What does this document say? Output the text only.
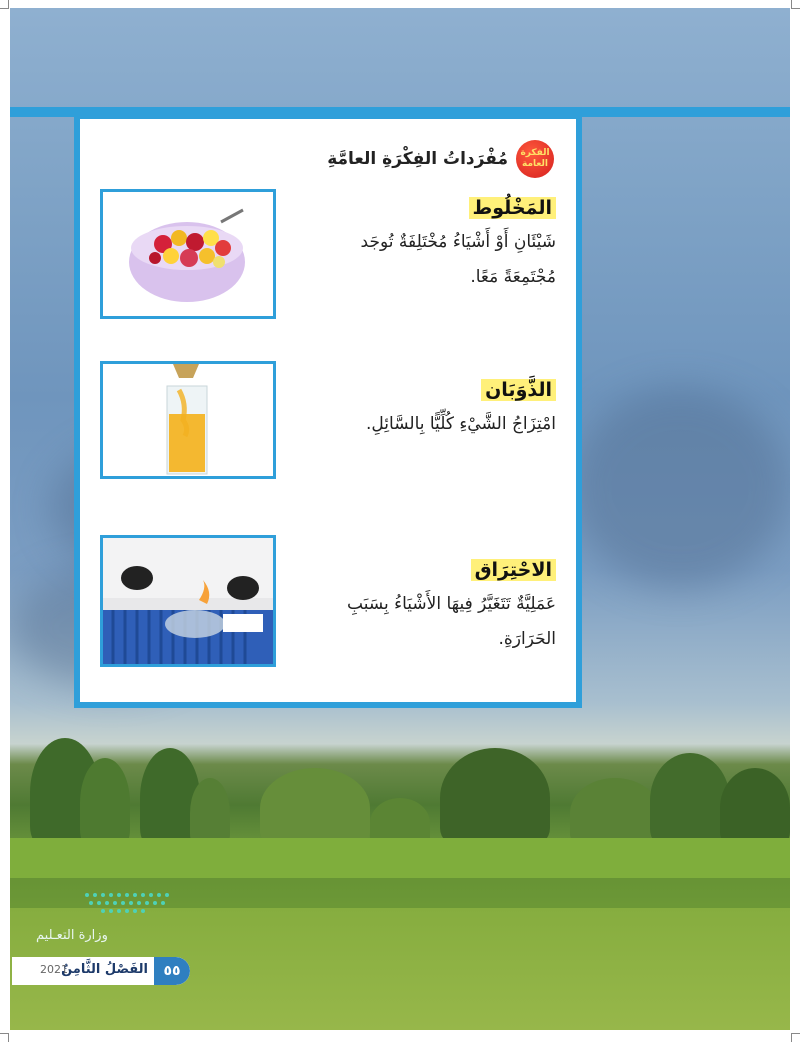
الفكرة
العامة
مُفْرَداتُ الفِكْرَةِ العامَّةِ
المَخْلُوط
شَيْئَانِ أَوْ أَشْيَاءُ مُخْتَلِفَةٌ تُوجَد مُجْتَمِعَةً مَعًا.
الذَّوَبَان
امْتِزَاجُ الشَّيْءِ كُلِّيًّا بِالسَّائِلِ.
الاحْتِرَاق
عَمَلِيَّةٌ تَتَغَيَّرُ فِيهَا الأَشْيَاءُ بِسَبَبِ الحَرَارَةِ.
وزارة التعـليم
2021
الفَصْلُ الثَّامِنُ	٥٥
